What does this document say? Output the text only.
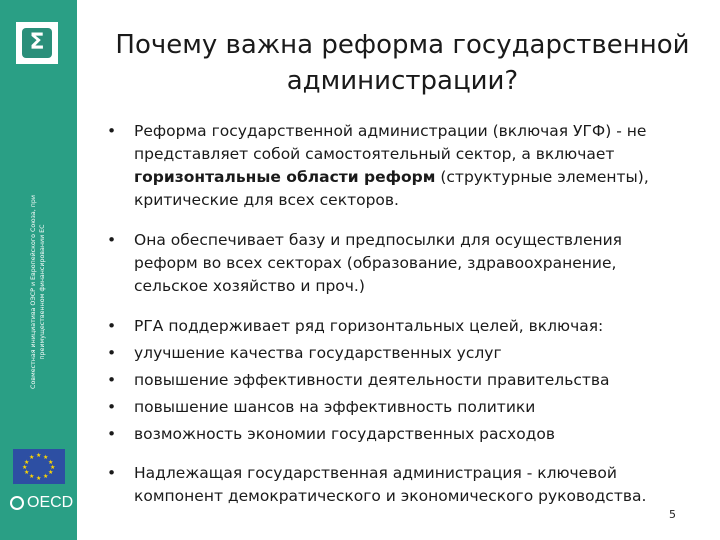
Σ
Совместная инициатива ОЭСР и Европейского Союза, при преимущественном финансировании ЕС
★ ★
★
★
★
★
★
★
★
★
★
★
OECD
Почему важна реформа государственной
администрации?
• Реформа государственной администрации (включая УГФ) - не представляет собой самостоятельный сектор, а включает горизонтальные области реформ (структурные элементы), критические для всех секторов.
• Она обеспечивает базу и предпосылки для осуществления реформ во всех секторах (образование, здравоохранение, сельское хозяйство и проч.)
• РГА поддерживает ряд горизонтальных целей, включая:
• улучшение качества государственных услуг
• повышение эффективности деятельности правительства
• повышение шансов на эффективность политики
• возможность экономии государственных расходов
• Надлежащая государственная администрация - ключевой компонент демократического и экономического руководства.
5
